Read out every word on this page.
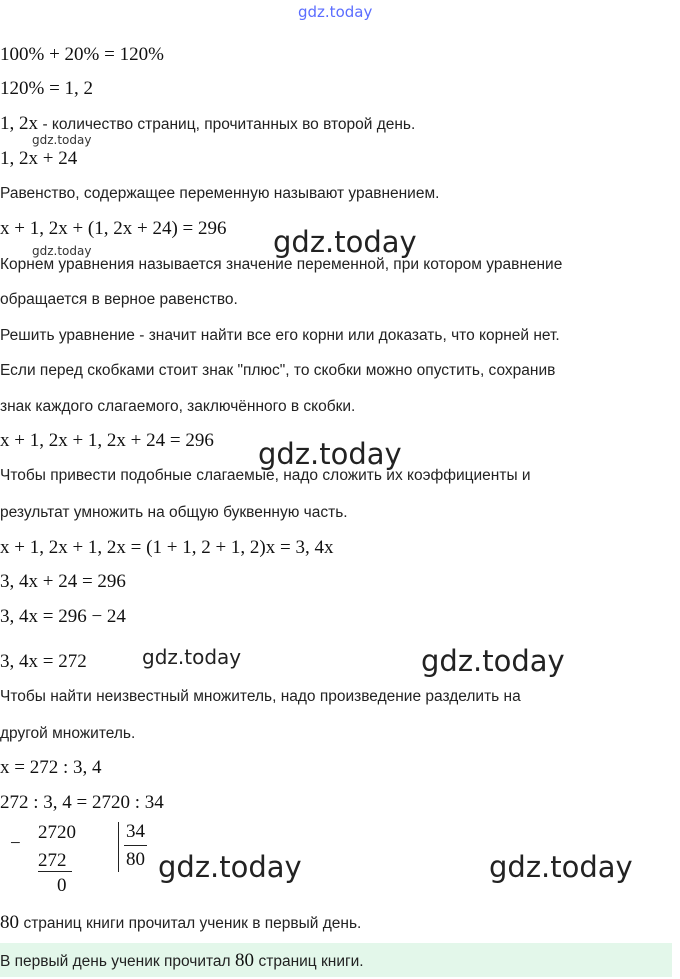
gdz.today
100% + 20% = 120%
120% = 1, 2
1, 2x - количество страниц, прочитанных во второй день.
gdz.today
1, 2x + 24
Равенство, содержащее переменную называют уравнением.
x + 1, 2x + (1, 2x + 24) = 296 gdz.today
gdz.today
Корнем уравнения называется значение переменной, при котором уравнение
обращается в верное равенство.
Решить уравнение - значит найти все его корни или доказать, что корней нет.
Если перед скобками стоит знак "плюс", то скобки можно опустить, сохранив
знак каждого слагаемого, заключённого в скобки.
x + 1, 2x + 1, 2x + 24 = 296 gdz.today
Чтобы привести подобные слагаемые, надо сложить их коэффициенты и
результат умножить на общую буквенную часть.
x + 1, 2x + 1, 2x = (1 + 1, 2 + 1, 2)x = 3, 4x
3, 4x + 24 = 296
3, 4x = 296 − 24
3, 4x = 272	gdz.today	gdz.today
Чтобы найти неизвестный множитель, надо произведение разделить на
другой множитель.
x = 272 : 3, 4
272 : 3, 4 = 2720 : 34
−
2720
272
0
34
80 gdz.today	gdz.today
80 страниц книги прочитал ученик в первый день.
В первый день ученик прочитал 80 страниц книги.
